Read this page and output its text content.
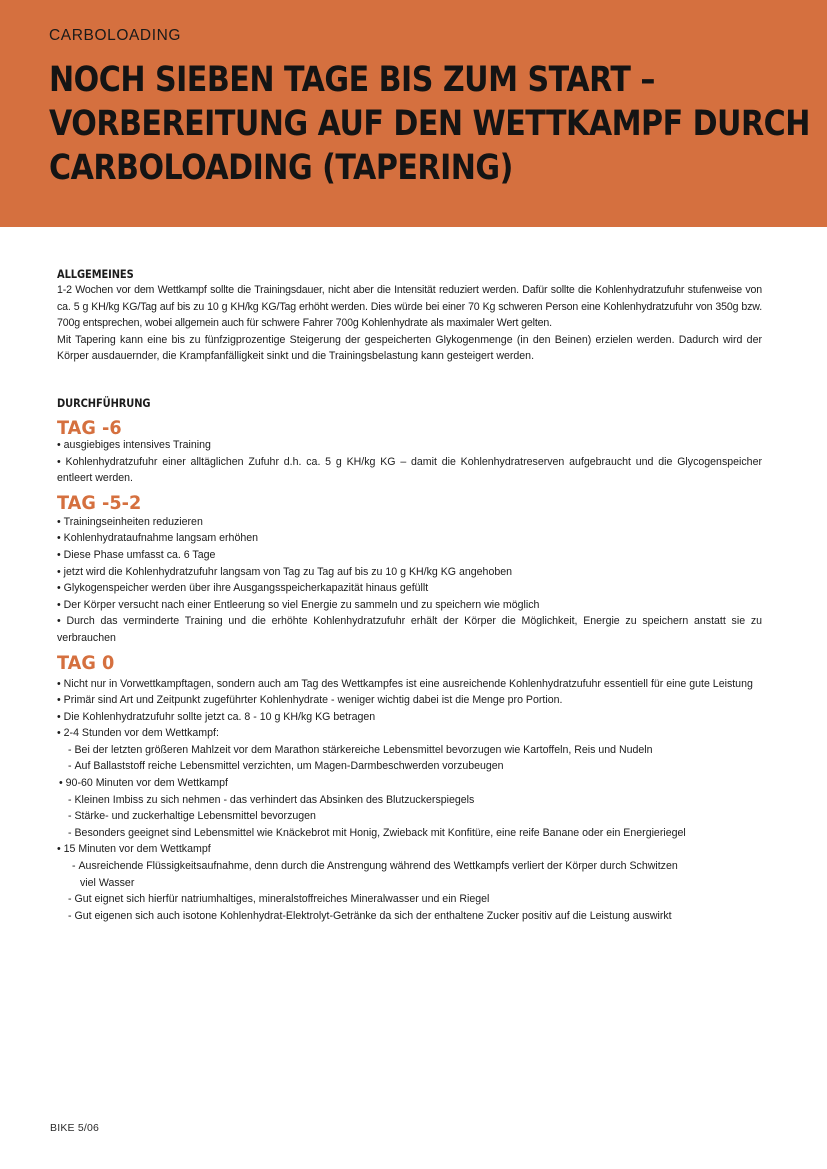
CARBOLOADING
NOCH SIEBEN TAGE BIS ZUM START –
VORBEREITUNG AUF DEN WETTKAMPF DURCH
CARBOLOADING (TAPERING)
ALLGEMEINES

1-2 Wochen vor dem Wettkampf sollte die Trainingsdauer, nicht aber die Intensität reduziert werden. Dafür sollte die Kohlenhydratzufuhr stufenweise von ca. 5 g KH/kg KG/Tag auf bis zu 10 g KH/kg KG/Tag erhöht werden. Dies würde bei einer 70 Kg schweren Person eine Kohlenhydratzufuhr von 350g bzw. 700g entsprechen, wobei allgemein auch für schwere Fahrer 700g Kohlenhydrate als maximaler Wert gelten.

Mit Tapering kann eine bis zu fünfzigprozentige Steigerung der gespeicherten Glykogenmenge (in den Beinen) erzielen werden. Dadurch wird der Körper ausdauernder, die Krampfanfälligkeit sinkt und die Trainingsbelastung kann gesteigert werden.

DURCHFÜHRUNG
TAG -6
• ausgiebiges intensives Training
• Kohlenhydratzufuhr einer alltäglichen Zufuhr d.h. ca. 5 g KH/kg KG – damit die Kohlenhydratreserven aufgebraucht und die Glycogenspeicher entleert werden.
TAG -5-2
• Trainingseinheiten reduzieren
• Kohlenhydrataufnahme langsam erhöhen
• Diese Phase umfasst ca. 6 Tage
• jetzt wird die Kohlenhydratzufuhr langsam von Tag zu Tag auf bis zu 10 g KH/kg KG angehoben
• Glykogenspeicher werden über ihre Ausgangsspeicherkapazität hinaus gefüllt
• Der Körper versucht nach einer Entleerung so viel Energie zu sammeln und zu speichern wie möglich
• Durch das verminderte Training und die erhöhte Kohlenhydratzufuhr erhält der Körper die Möglichkeit, Energie zu speichern anstatt sie zu verbrauchen
TAG 0
• Nicht nur in Vorwettkampftagen, sondern auch am Tag des Wettkampfes ist eine ausreichende Kohlenhydratzufuhr essentiell für eine gute Leistung
• Primär sind Art und Zeitpunkt zugeführter Kohlenhydrate - weniger wichtig dabei ist die Menge pro Portion.
• Die Kohlenhydratzufuhr sollte jetzt ca. 8 - 10 g KH/kg KG betragen
• 2-4 Stunden vor dem Wettkampf:
- Bei der letzten größeren Mahlzeit vor dem Marathon stärkereiche Lebensmittel bevorzugen wie Kartoffeln, Reis und Nudeln
- Auf Ballaststoff reiche Lebensmittel verzichten, um Magen-Darmbeschwerden vorzubeugen
• 90-60 Minuten vor dem Wettkampf
- Kleinen Imbiss zu sich nehmen - das verhindert das Absinken des Blutzuckerspiegels
- Stärke- und zuckerhaltige Lebensmittel bevorzugen
- Besonders geeignet sind Lebensmittel wie Knäckebrot mit Honig, Zwieback mit Konfitüre, eine reife Banane oder ein Energieriegel
• 15 Minuten vor dem Wettkampf
- Ausreichende Flüssigkeitsaufnahme, denn durch die Anstrengung während des Wettkampfs verliert der Körper durch Schwitzen
viel Wasser
- Gut eignet sich hierfür natriumhaltiges, mineralstoffreiches Mineralwasser und ein Riegel
- Gut eigenen sich auch isotone Kohlenhydrat-Elektrolyt-Getränke da sich der enthaltene Zucker positiv auf die Leistung auswirkt
BIKE 5/06
